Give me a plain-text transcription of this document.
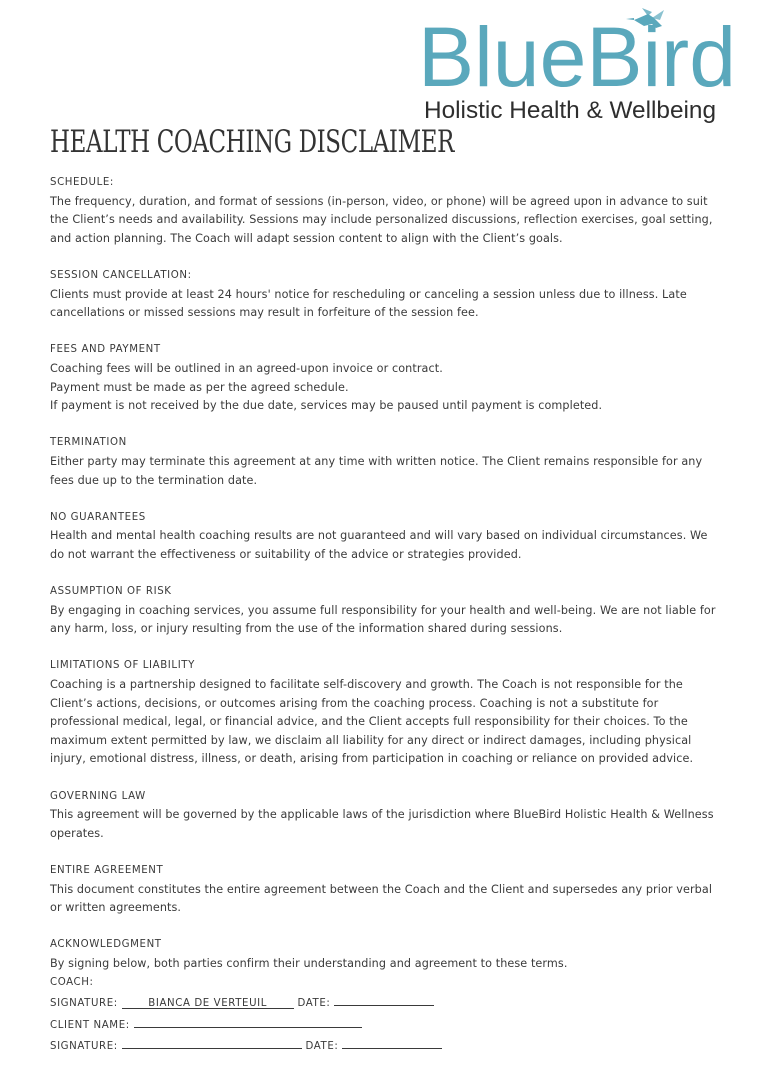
BlueBird
Holistic Health & Wellbeing
HEALTH COACHING DISCLAIMER

SCHEDULE:

The frequency, duration, and format of sessions (in-person, video, or phone) will be agreed upon in advance to suit the Client’s needs and availability. Sessions may include personalized discussions, reflection exercises, goal setting, and action planning. The Coach will adapt session content to align with the Client’s goals.

SESSION CANCELLATION:

Clients must provide at least 24 hours' notice for rescheduling or canceling a session unless due to illness. Late cancellations or missed sessions may result in forfeiture of the session fee.

FEES AND PAYMENT

Coaching fees will be outlined in an agreed-upon invoice or contract.

Payment must be made as per the agreed schedule.

If payment is not received by the due date, services may be paused until payment is completed.

TERMINATION

Either party may terminate this agreement at any time with written notice. The Client remains responsible for any fees due up to the termination date.

NO GUARANTEES

Health and mental health coaching results are not guaranteed and will vary based on individual circumstances. We do not warrant the effectiveness or suitability of the advice or strategies provided.

ASSUMPTION OF RISK

By engaging in coaching services, you assume full responsibility for your health and well-being. We are not liable for any harm, loss, or injury resulting from the use of the information shared during sessions.

LIMITATIONS OF LIABILITY

Coaching is a partnership designed to facilitate self-discovery and growth. The Coach is not responsible for the Client’s actions, decisions, or outcomes arising from the coaching process. Coaching is not a substitute for professional medical, legal, or financial advice, and the Client accepts full responsibility for their choices. To the maximum extent permitted by law, we disclaim all liability for any direct or indirect damages, including physical injury, emotional distress, illness, or death, arising from participation in coaching or reliance on provided advice.

GOVERNING LAW

This agreement will be governed by the applicable laws of the jurisdiction where BlueBird Holistic Health & Wellness operates.

ENTIRE AGREEMENT

This document constitutes the entire agreement between the Coach and the Client and supersedes any prior verbal or written agreements.

ACKNOWLEDGMENT

By signing below, both parties confirm their understanding and agreement to these terms.

COACH:

SIGNATURE:	BIANCA DE VERTEUIL	DATE:

CLIENT NAME:

SIGNATURE:	DATE:
